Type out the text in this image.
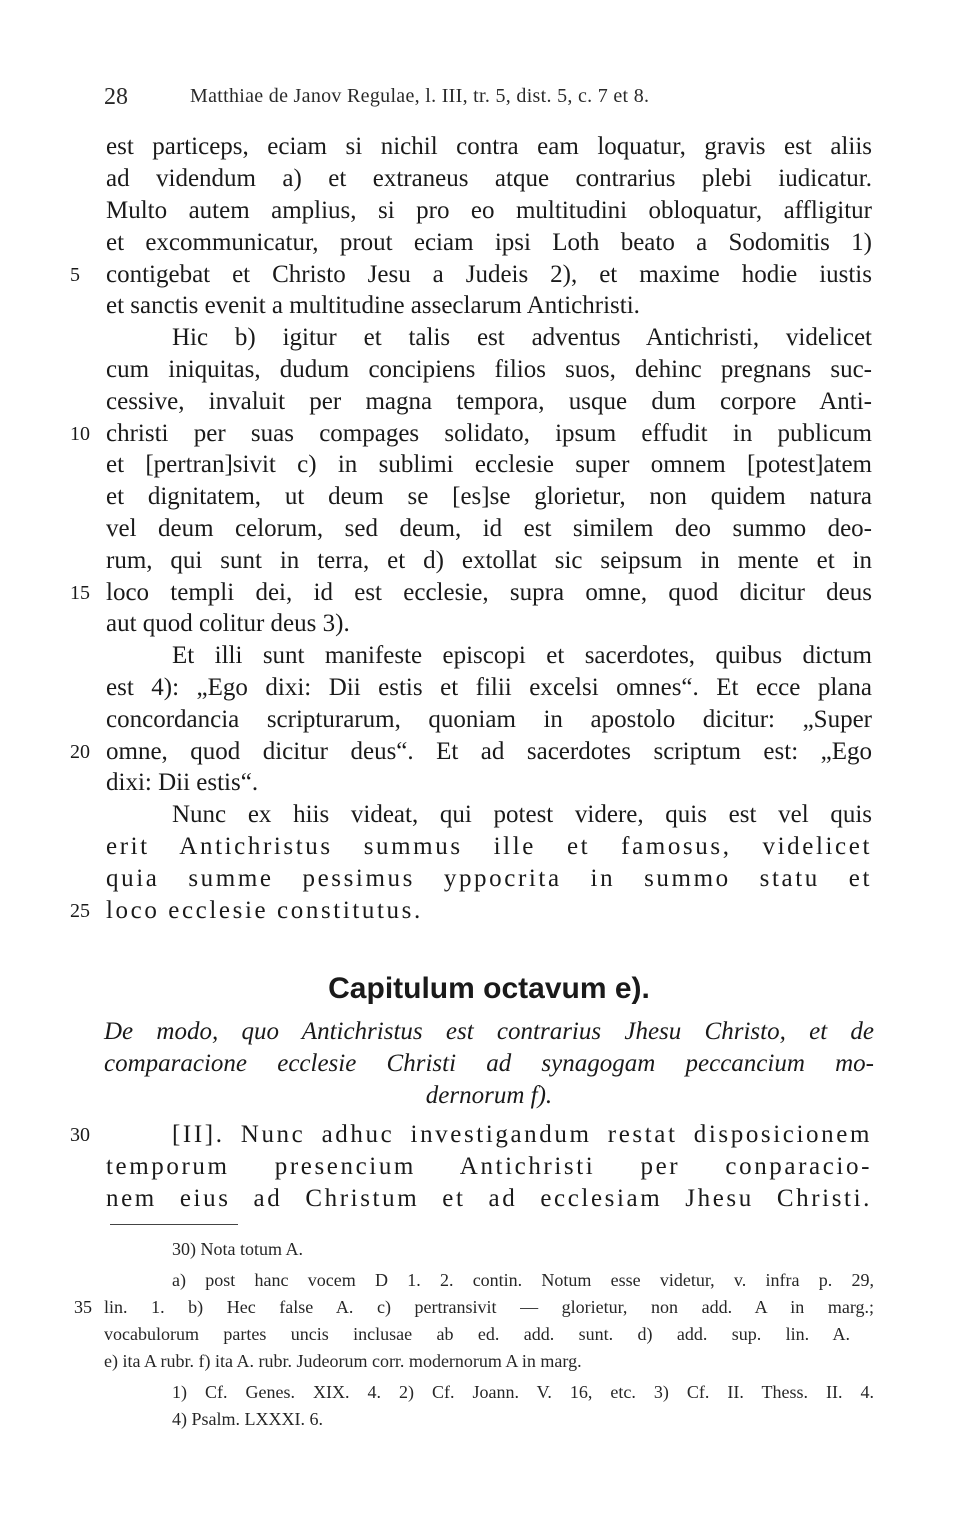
28	Matthiae de Janov Regulae, l. III, tr. 5, dist. 5, c. 7 et 8.
est particeps, eciam si nichil contra eam loquatur, gravis est aliis
ad videndum a) et extraneus atque contrarius plebi iudicatur.
Multo autem amplius, si pro eo multitudini obloquatur, affligitur
et excommunicatur, prout eciam ipsi Loth beato a Sodomitis 1)
5	contigebat et Christo Jesu a Judeis 2), et maxime hodie iustis
et sanctis evenit a multitudine asseclarum Antichristi.
Hic b) igitur et talis est adventus Antichristi, videlicet
cum iniquitas, dudum concipiens filios suos, dehinc pregnans suc-
cessive, invaluit per magna tempora, usque dum corpore Anti-
10 christi per suas compages solidato, ipsum effudit in publicum
et [pertran]sivit c) in sublimi ecclesie super omnem [potest]atem
et dignitatem, ut deum se [es]se glorietur, non quidem natura
vel deum celorum, sed deum, id est similem deo summo deo-
rum, qui sunt in terra, et d) extollat sic seipsum in mente et in
15 loco templi dei, id est ecclesie, supra omne, quod dicitur deus
aut quod colitur deus 3).
Et illi sunt manifeste episcopi et sacerdotes, quibus dictum
est 4): „Ego dixi: Dii estis et filii excelsi omnes“. Et ecce plana
concordancia scripturarum, quoniam in apostolo dicitur: „Super
20 omne, quod dicitur deus“. Et ad sacerdotes scriptum est: „Ego
dixi: Dii estis“.
Nunc ex hiis videat, qui potest videre, quis est vel quis
erit Antichristus summus ille et famosus, videlicet
quia summe pessimus yppocrita in summo statu et
25 loco ecclesie constitutus.
Capitulum octavum e).
De modo, quo Antichristus est contrarius Jhesu Christo, et de
comparacione ecclesie Christi ad synagogam peccancium mo-
dernorum f).
30	[II]. Nunc adhuc investigandum restat disposicionem
temporum presencium Antichristi per conparacio-
nem eius ad Christum et ad ecclesiam Jhesu Christi.
30) Nota totum A.
a) post hanc vocem D 1. 2. contin. Notum esse videtur, v. infra p. 29,
35 lin. 1. b) Hec false A. c) pertransivit — glorietur, non add. A in marg.;
vocabulorum partes uncis inclusae ab ed. add. sunt. d) add. sup. lin. A.
e) ita A rubr. f) ita A. rubr. Judeorum corr. modernorum A in marg.
1) Cf. Genes. XIX. 4. 2) Cf. Joann. V. 16, etc. 3) Cf. II. Thess. II. 4.
4) Psalm. LXXXI. 6.
